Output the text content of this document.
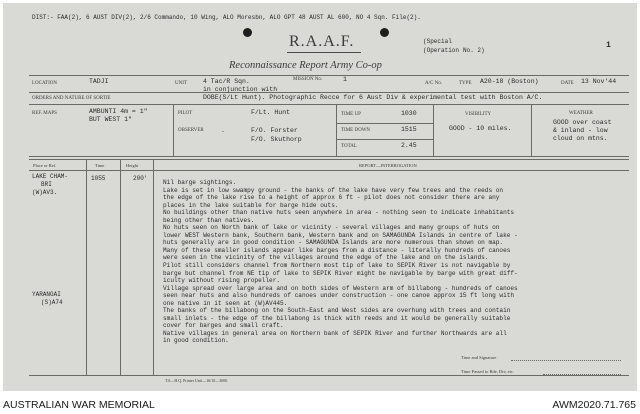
DIST:- FAA(2), 6 AUST DIV(2), 2/6 Commando, 10 Wing, ALO Moresbn, ALO GPT 48 AUST AL 600, NO 4 Sqn. File(2).
R.A.A.F.	(Special
(Operation No. 2)
1
Reconnaissance Report Army Co-op
LOCATION	TADJI	UNIT 4 Tac/R Sqn.	MISSION No.	1
A/C No.	TYPE A20-18 (Boston)	DATE 13 Nov'44
ORDERS AND NATURE OF SORTIE
in conjunction with
DOBE(S/Lt Hunt). Photographic Recce for 6 Aust Div & experimental test with Boston A/C.
REF. MAPS	AMBUNTI 4m = 1"
BUT WEST 1"
PILOT	F/Lt. Hunt
OBSERVER	.	F/O. Forster
F/O. Skuthorp
TIME UP	1030
TIME DOWN	1515
TOTAL	2.45
VISIBILITY
GOOD - 10 miles.
WEATHER
GOOD over coast
& inland - low
cloud on mtns.
Place or Ref.	Time	Height	REPORT—INTERROGATION
LAKE CHAM-
BRI
(W)AV3.
1055	200'
YARANGAI
(S)A74
Nil barge sightings.
Lake is set in low swampy ground - the banks of the lake have very few trees and the reeds on
the edge of the lake rise to a height of approx 6 ft - pilot does not consider there are any
places in the lake suitable for barge hide outs.
No buildings other than native huts seen anywhere in area - nothing seen to indicate inhabitants
being other than natives.
No huts seen on North bank of lake or vicinity - several villages and many groups of huts on
lower WEST Western bank, Southern bank, Western bank and on SAMAGUNDA Islands in centre of lake -
huts generally are in good condition - SAMAGUNDA Islands are more numerous than shown on map.
Many of these smaller islands appear like barges from a distance - literally hundreds of canoes
were seen in the vicinity of the villages around the edge of the lake and on the islands.
Pilot still considers channel from Northern most tip of lake to SEPIK River is not navigable by
barge but channel from NE tip of lake to SEPIK River might be navigable by barge with great diff-
iculty without rising propeller.
Village spread over large area and on both sides of Western arm of billabong - hundreds of canoes
seen near huts and also hundreds of canoes under construction - one canoe approx 15 ft long with
one native in it seen at (W)AV445.
The banks of the billabong on the South-East and West sides are overhung with trees and contain
small inlets - the edge of the billabong is thick with reeds and it would be generally suitable
cover for barges and small craft.
Native villages in general area on Northern bank of SEPIK River and further Northwards are all
in good condition.
Time and Signature
Time Passed to Bde, Div, etc.
T.S—H.Q. Printer Unit—16/10—3000.
AUSTRALIAN WAR MEMORIAL	AWM2020.71.765
